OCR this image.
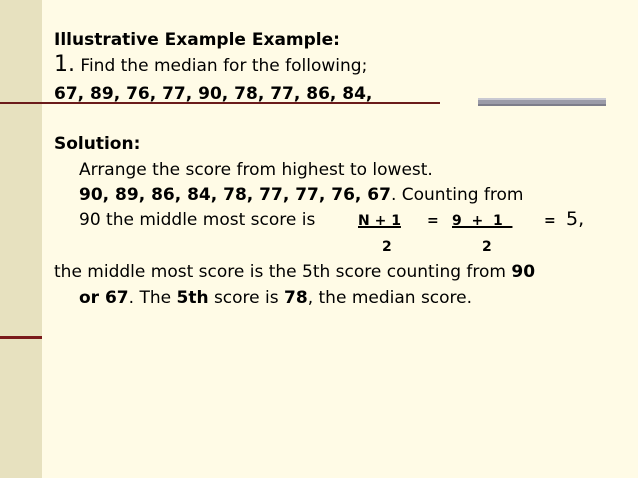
Illustrative Example Example:
1. Find the median for the following;
67, 89, 76, 77, 90, 78, 77, 86, 84,
Solution:
Arrange the score from highest to lowest.
90, 89, 86, 84, 78, 77, 77, 76, 67. Counting from
90 the middle most score is	N + 1 = 9  +  1 = 5,
2	2
the middle most score is the 5th score counting from 90
or 67. The 5th score is 78, the median score.
